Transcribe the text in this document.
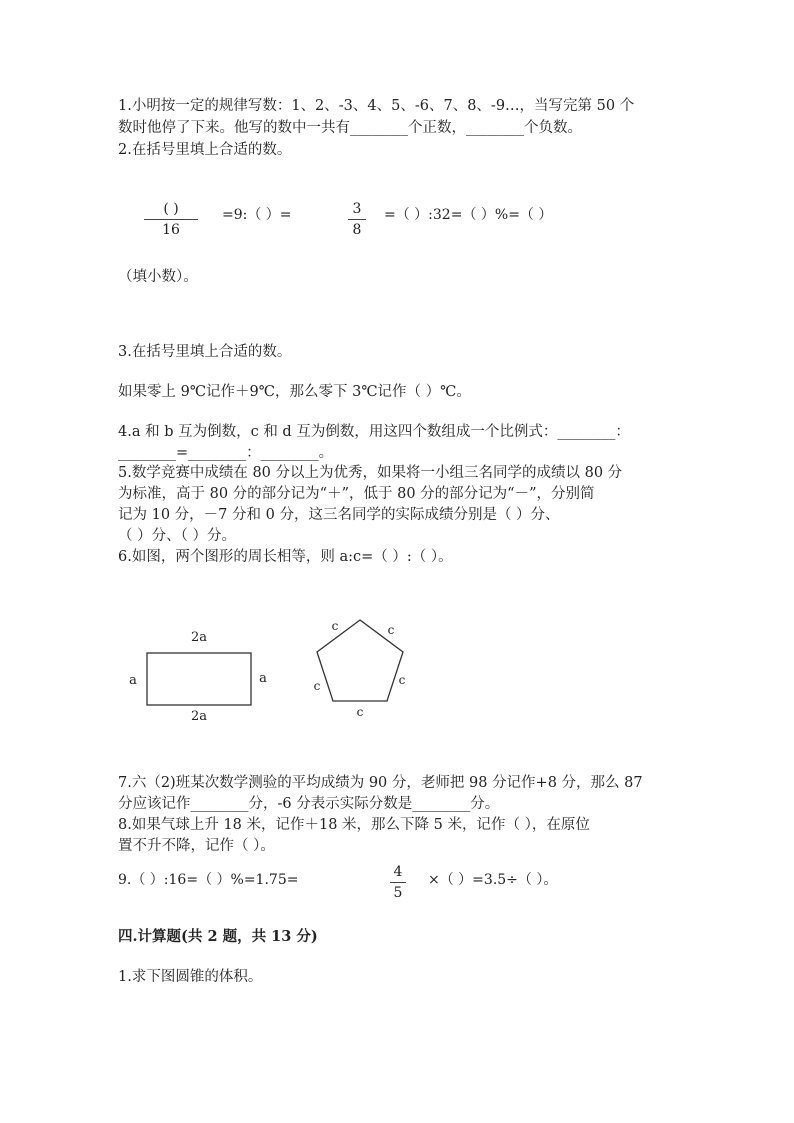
1.小明按一定的规律写数：1、2、-3、4、5、-6、7、8、-9…，当写完第 50 个
数时他停了下来。他写的数中一共有________个正数，________个负数。
2.在括号里填上合适的数。
( )
16
=9:（ ）=	3
8
=（ ）:32=（ ）%=（ ）
（填小数）。
3.在括号里填上合适的数。
如果零上 9℃记作＋9℃，那么零下 3℃记作（ ）℃。
4.a 和 b 互为倒数，c 和 d 互为倒数，用这四个数组成一个比例式：________：
________=________：________。
5.数学竞赛中成绩在 80 分以上为优秀，如果将一小组三名同学的成绩以 80 分
为标准，高于 80 分的部分记为“＋”，低于 80 分的部分记为“－”，分别简
记为 10 分，－7 分和 0 分，这三名同学的实际成绩分别是（ ）分、
（ ）分、（ ）分。
6.如图，两个图形的周长相等，则 a:c=（ ）:（ ）。
2a
2a
a	a
c	c
c	c
c
7.六（2)班某次数学测验的平均成绩为 90 分，老师把 98 分记作+8 分，那么 87
分应该记作________分，-6 分表示实际分数是________分。
8.如果气球上升 18 米，记作＋18 米，那么下降 5 米，记作（ ），在原位
置不升不降，记作（ ）。
9.（ ）:16=（ ）%=1.75=	4
5
×（ ）=3.5÷（ ）。
四.计算题(共 2 题，共 13 分)
1.求下图圆锥的体积。
